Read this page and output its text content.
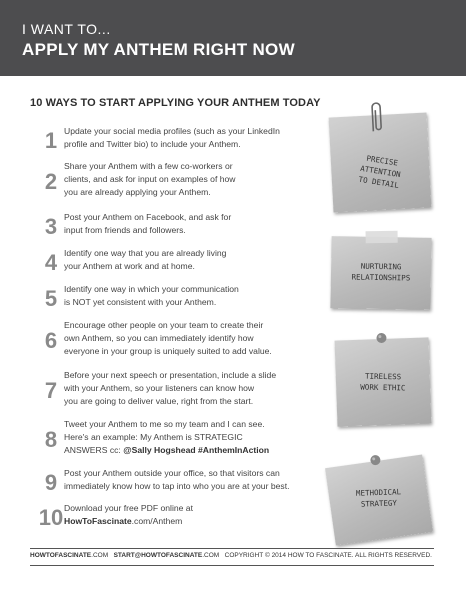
I WANT TO...
APPLY MY ANTHEM RIGHT NOW
10 WAYS TO START APPLYING YOUR ANTHEM TODAY
1 Update your social media profiles (such as your LinkedIn
profile and Twitter bio) to include your Anthem.
2
Share your Anthem with a few co-workers or
clients, and ask for input on examples of how
you are already applying your Anthem.
3 Post your Anthem on Facebook, and ask for
input from friends and followers.
4 Identify one way that you are already living
your Anthem at work and at home.
5 Identify one way in which your communication
is NOT yet consistent with your Anthem.
6
Encourage other people on your team to create their
own Anthem, so you can immediately identify how
everyone in your group is uniquely suited to add value.
7
Before your next speech or presentation, include a slide
with your Anthem, so your listeners can know how
you are going to deliver value, right from the start.
8
Tweet your Anthem to me so my team and I can see.
Here's an example: My Anthem is STRATEGIC
ANSWERS cc: @Sally Hogshead #AnthemInAction
9 Post your Anthem outside your office, so that visitors can
immediately know how to tap into who you are at your best.
10 Download your free PDF online at
HowToFascinate.com/Anthem
PRECISE
ATTENTION
TO DETAIL
NURTURING
RELATIONSHIPS
TIRELESS
WORK ETHIC
METHODICAL
STRATEGY
HOWTOFASCINATE.COM START@HOWTOFASCINATE.COM COPYRIGHT © 2014 HOW TO FASCINATE. ALL RIGHTS RESERVED.
